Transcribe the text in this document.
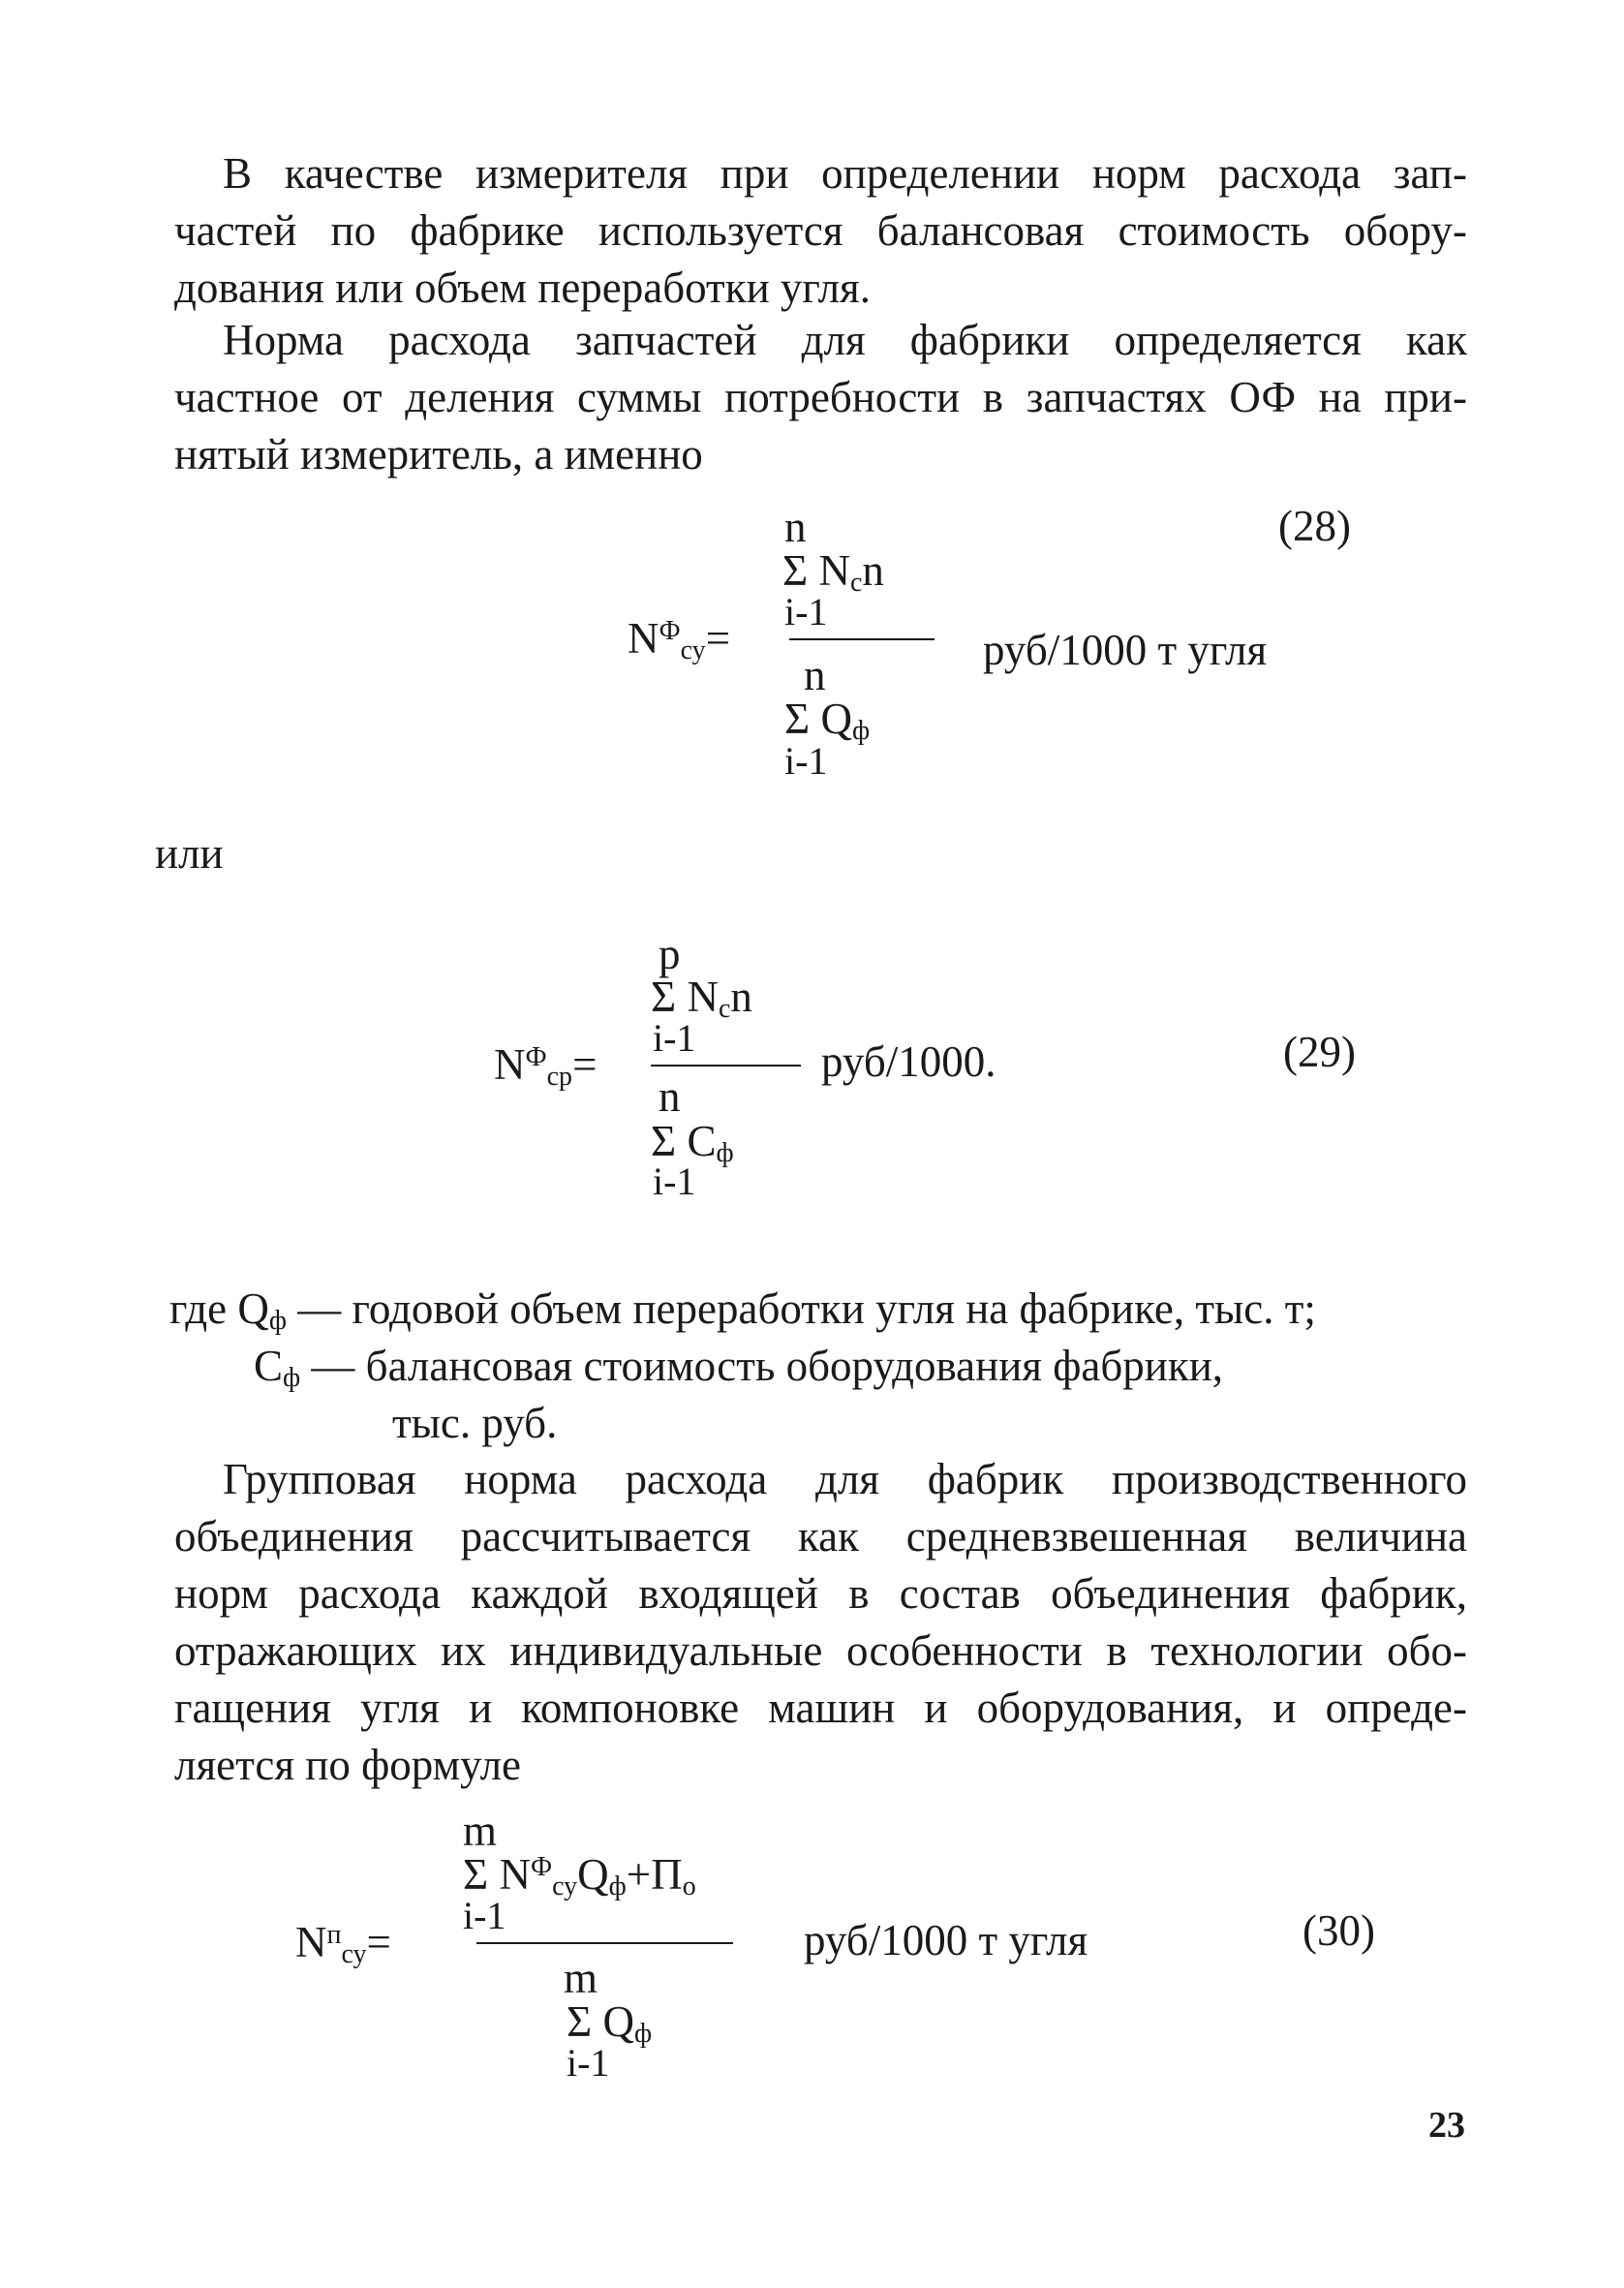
В качестве измерителя при определении норм расхода зап-
частей по фабрике используется балансовая стоимость обору-
дования или объем переработки угля.
Норма расхода запчастей для фабрики определяется как
частное от деления суммы потребности в запчастях ОФ на при-
нятый измеритель, а именно
n
Σ $N_сn$
i-1
$N^Ф_{су}=$
n
Σ $Q_ф$
i-1
руб/1000 т угля
(28)
или
p
Σ $N_сn$
i-1
$N^Ф_{ср}=$	руб/1000.
n
Σ $C_ф$
i-1
(29)
где $Q_ф$ — годовой объем переработки угля на фабрике, тыс. т;
$C_ф$ — балансовая стоимость оборудования фабрики,
тыс. руб.
Групповая норма расхода для фабрик производственного
объединения рассчитывается как средневзвешенная величина
норм расхода каждой входящей в состав объединения фабрик,
отражающих их индивидуальные особенности в технологии обо-
гащения угля и компоновке машин и оборудования, и опреде-
ляется по формуле
m
Σ $N^Ф_{су}Q_ф+П_о$
i-1
$N^п_{су}=$	руб/1000 т угля
m
Σ $Q_ф$
i-1
(30)
23
